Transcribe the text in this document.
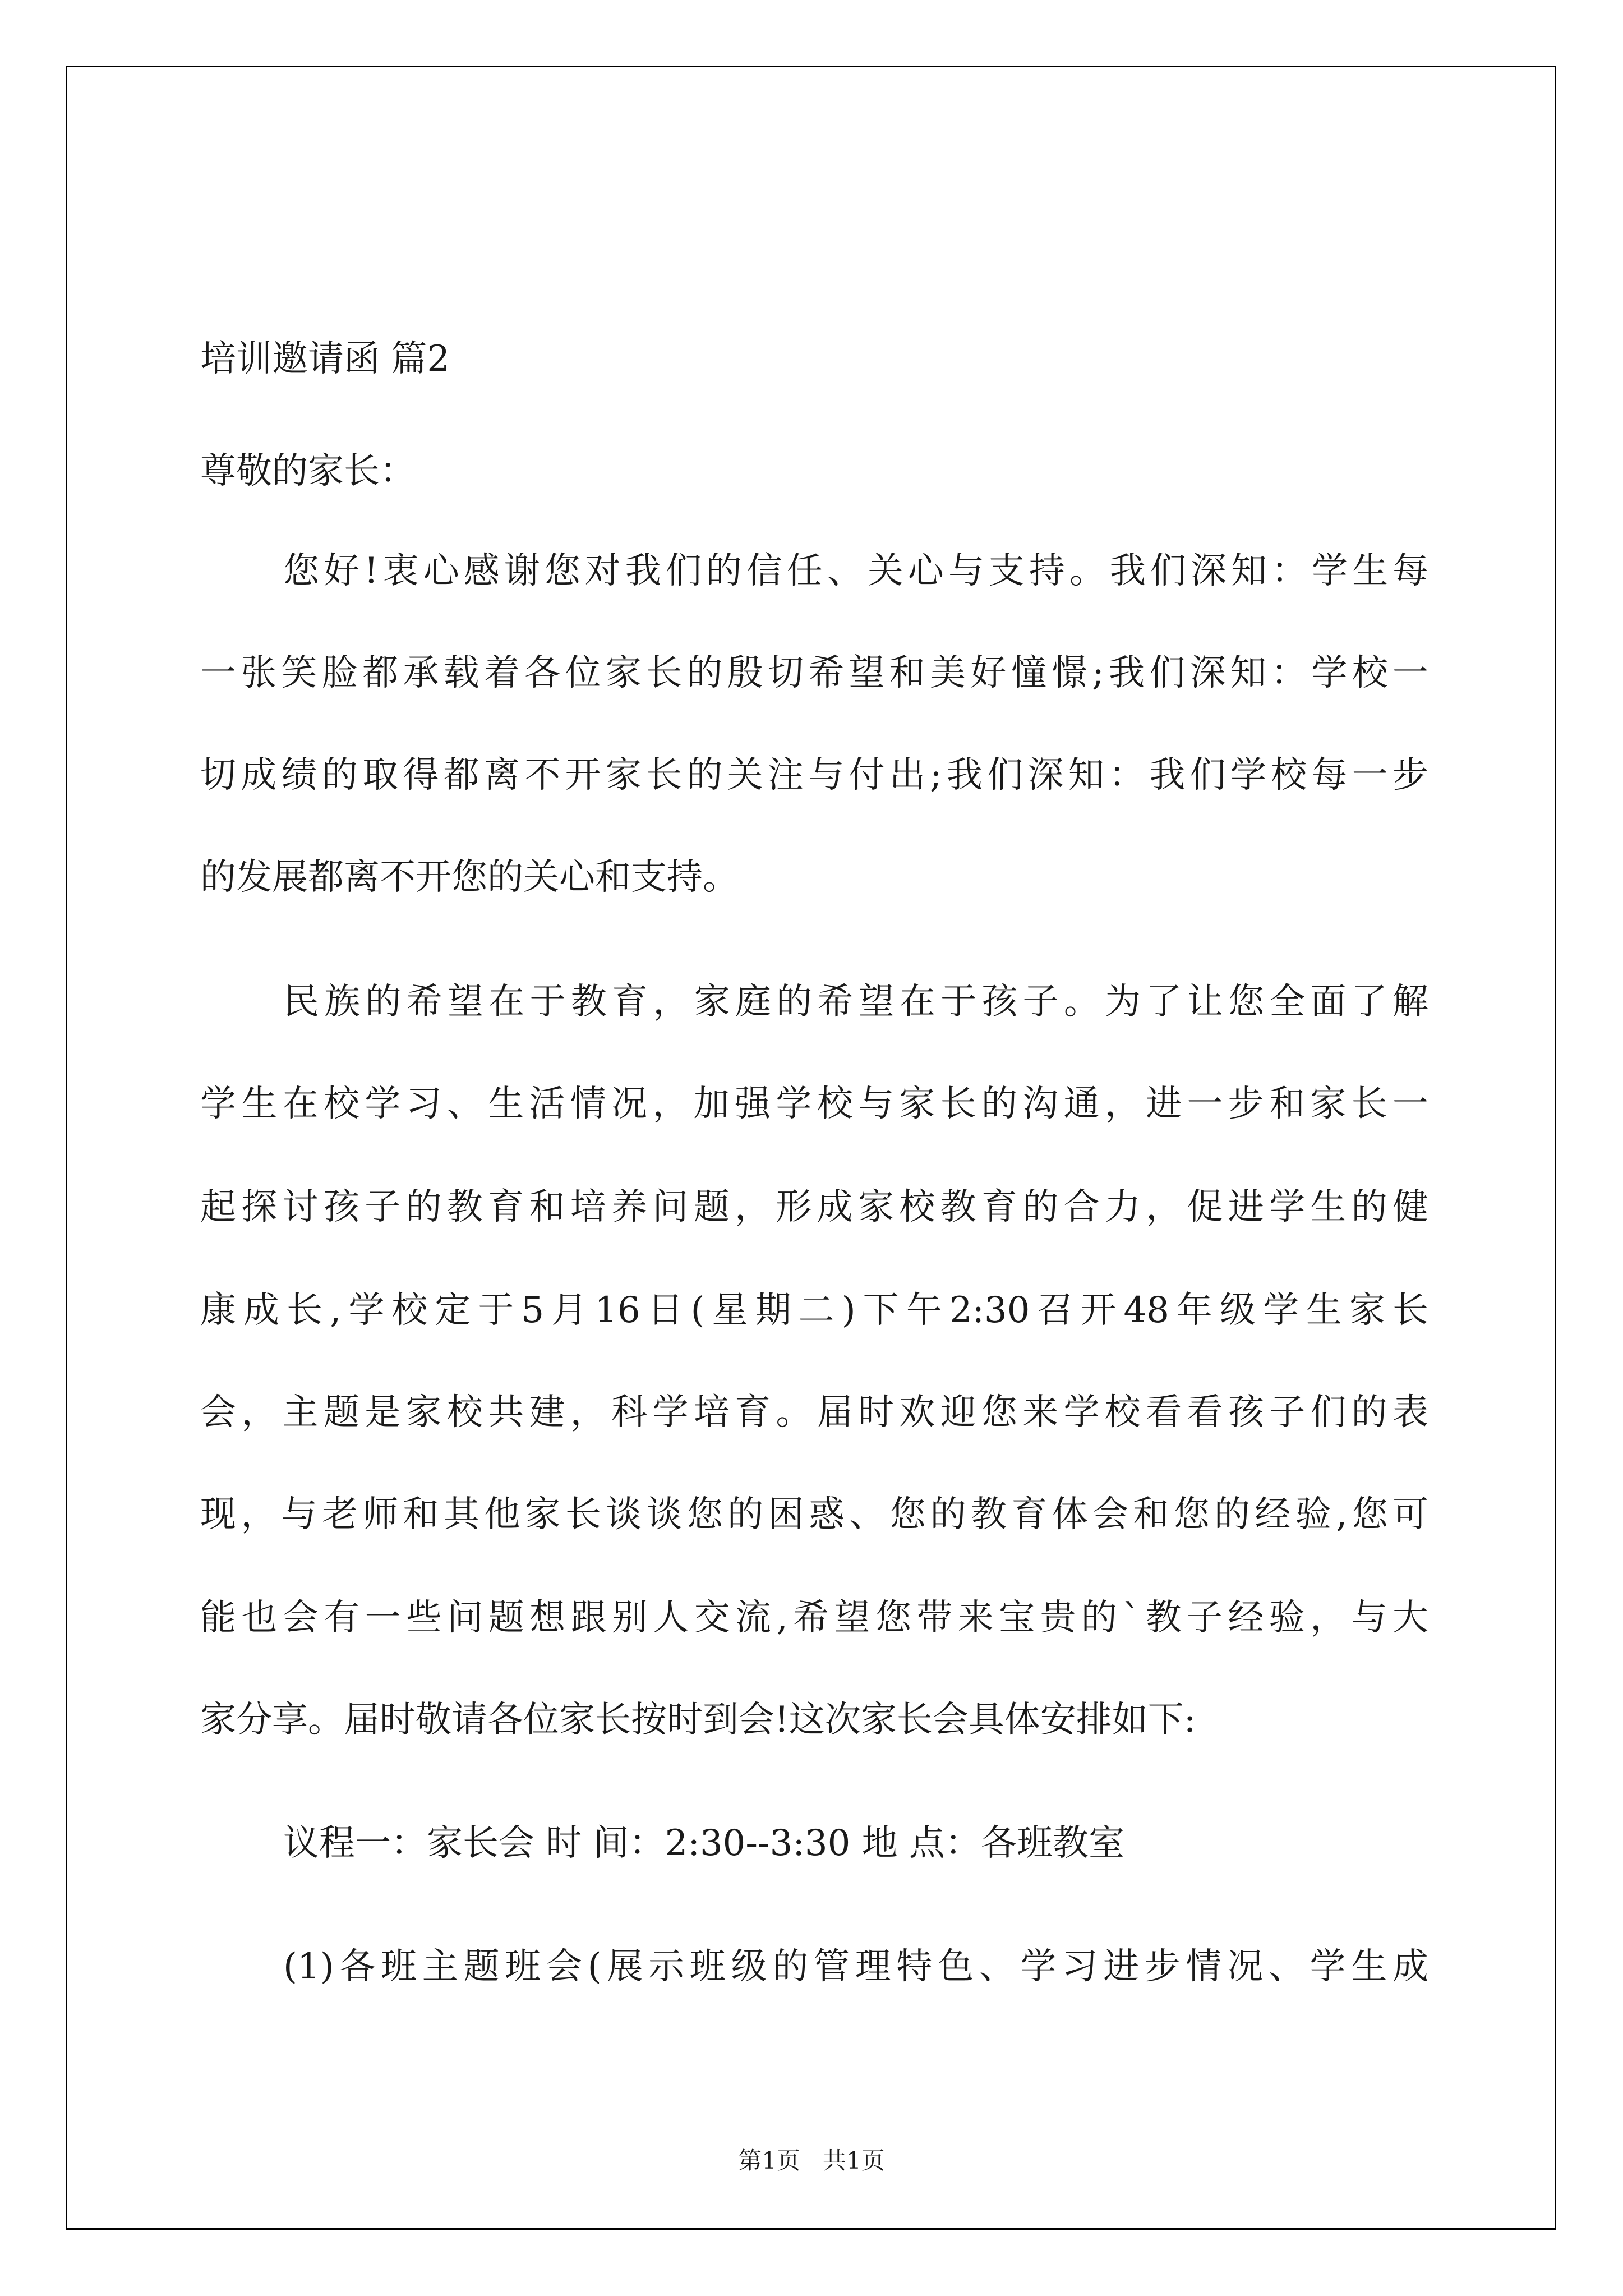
培训邀请函 篇2
尊敬的家长：
您好!衷心感谢您对我们的信任、关心与支持。我们深知：学生每
一张笑脸都承载着各位家长的殷切希望和美好憧憬;我们深知：学校一
切成绩的取得都离不开家长的关注与付出;我们深知：我们学校每一步
的发展都离不开您的关心和支持。
民族的希望在于教育，家庭的希望在于孩子。为了让您全面了解
学生在校学习、生活情况，加强学校与家长的沟通，进一步和家长一
起探讨孩子的教育和培养问题，形成家校教育的合力，促进学生的健
康成长,学校定于5月16日(星期二)下午2:30召开48年级学生家长
会，主题是家校共建，科学培育。届时欢迎您来学校看看孩子们的表
现，与老师和其他家长谈谈您的困惑、您的教育体会和您的经验,您可
能也会有一些问题想跟别人交流,希望您带来宝贵的`教子经验，与大
家分享。届时敬请各位家长按时到会!这次家长会具体安排如下:
议程一：家长会 时 间：2:30--3:30 地 点：各班教室
(1)各班主题班会(展示班级的管理特色、学习进步情况、学生成
第1页   共1页
